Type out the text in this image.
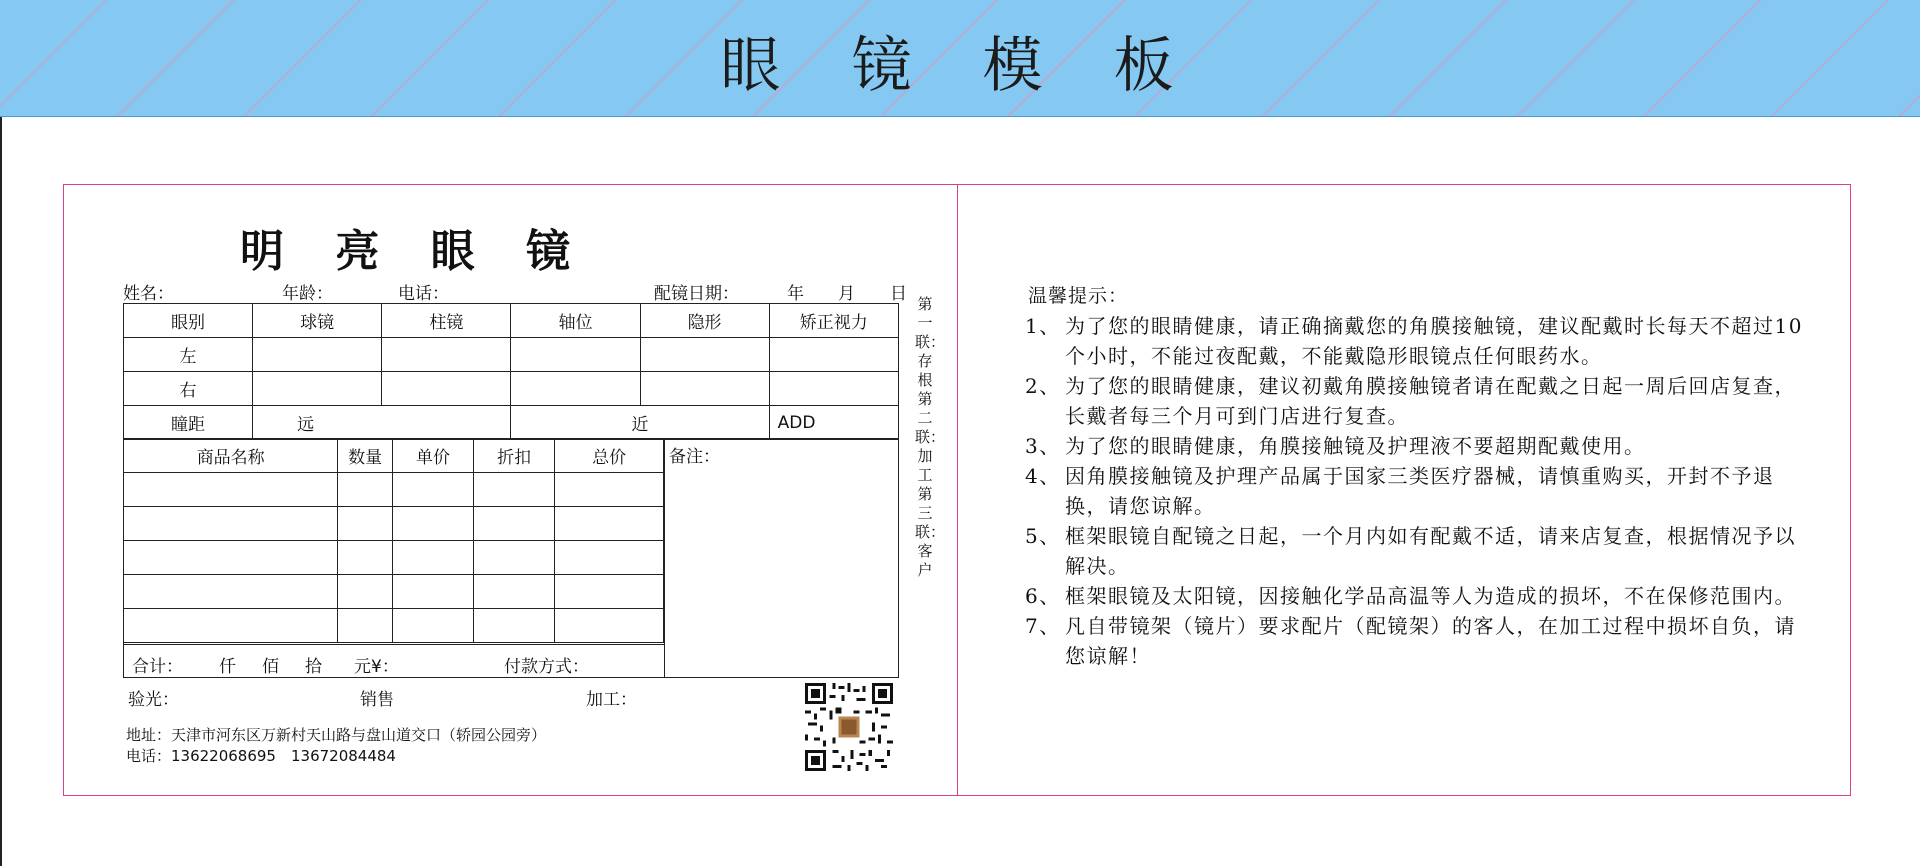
眼 镜 模 板
明 亮 眼 镜
姓名：	年龄：	电话：	配镜日期：	年 月 日
眼别	球镜	柱镜	轴位	隐形	矫正视力
左					
右					
瞳距	远		近		ADD
商品名称	数量	单价	折扣	总价

合计： 仟 佰 拾 元¥：	付款方式：
备注：
第一联：存根 第二联：加工 第三联：客户
验光：	销售	加工：
地址：天津市河东区万新村天山路与盘山道交口（轿园公园旁）
电话：13622068695　13672084484
温馨提示：
1、 为了您的眼睛健康，请正确摘戴您的角膜接触镜，建议配戴时长每天不超过10个小时，不能过夜配戴，不能戴隐形眼镜点任何眼药水。
2、 为了您的眼睛健康，建议初戴角膜接触镜者请在配戴之日起一周后回店复查，长戴者每三个月可到门店进行复查。
3、 为了您的眼睛健康，角膜接触镜及护理液不要超期配戴使用。
4、 因角膜接触镜及护理产品属于国家三类医疗器械，请慎重购买，开封不予退换，请您谅解。
5、 框架眼镜自配镜之日起，一个月内如有配戴不适，请来店复查，根据情况予以解决。
6、 框架眼镜及太阳镜，因接触化学品高温等人为造成的损坏，不在保修范围内。
7、 凡自带镜架（镜片）要求配片（配镜架）的客人，在加工过程中损坏自负，请您谅解！
